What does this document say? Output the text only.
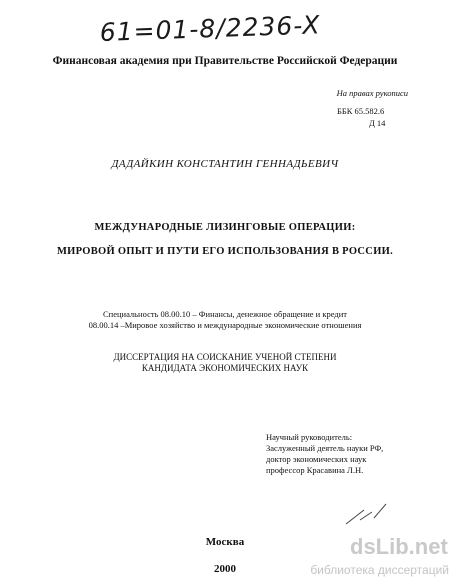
61=01-8/2236-X
Финансовая академия при Правительстве Российской Федерации
На правах рукописи
ББК 65.582.6
Д 14
ДАДАЙКИН КОНСТАНТИН ГЕННАДЬЕВИЧ
МЕЖДУНАРОДНЫЕ ЛИЗИНГОВЫЕ ОПЕРАЦИИ:
МИРОВОЙ ОПЫТ И ПУТИ ЕГО ИСПОЛЬЗОВАНИЯ В РОССИИ.
Специальность 08.00.10 – Финансы, денежное обращение и кредит
08.00.14 –Мировое хозяйство и международные экономические отношения
ДИССЕРТАЦИЯ НА СОИСКАНИЕ УЧЕНОЙ СТЕПЕНИ
КАНДИДАТА ЭКОНОМИЧЕСКИХ НАУК
Научный руководитель:
Заслуженный деятель науки РФ,
доктор экономических наук
профессор Красавина Л.Н.
Москва
2000
dsLib.net
библиотека диссертаций
